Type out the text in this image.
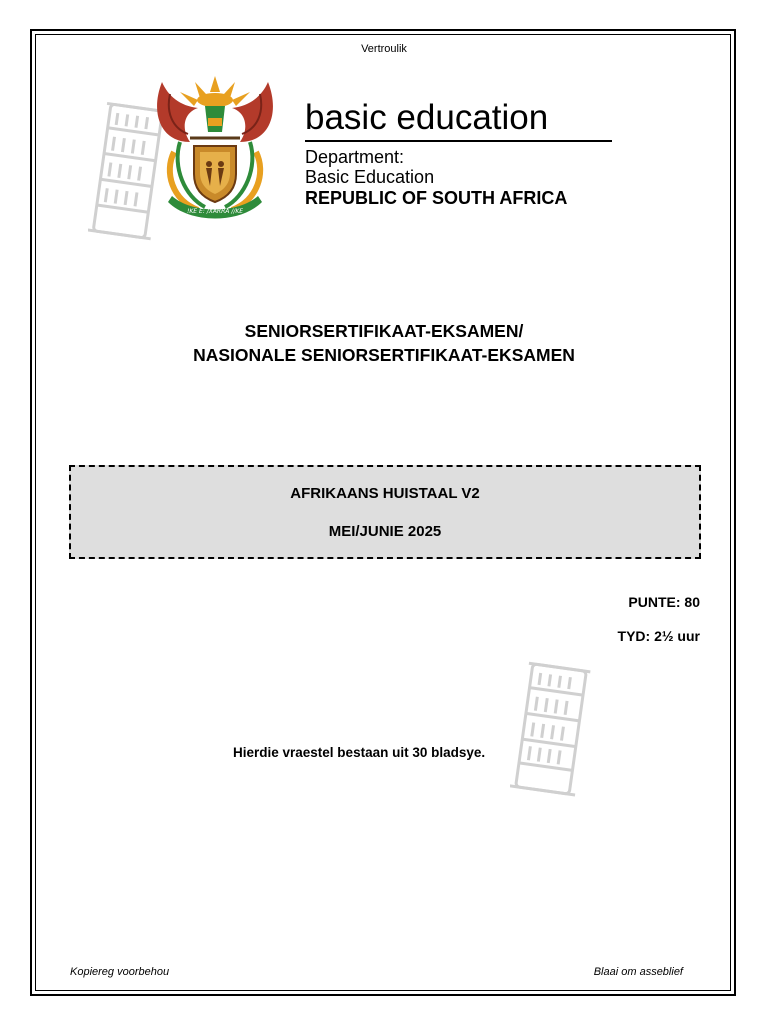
Vertroulik
!KE E: /XARRA //KE
basic education
Department:
Basic Education
REPUBLIC OF SOUTH AFRICA
SENIORSERTIFIKAAT-EKSAMEN/
NASIONALE SENIORSERTIFIKAAT-EKSAMEN
AFRIKAANS HUISTAAL V2
MEI/JUNIE 2025
PUNTE: 80
TYD: 2½ uur
Hierdie vraestel bestaan uit 30 bladsye.
Kopiereg voorbehou	Blaai om asseblief
